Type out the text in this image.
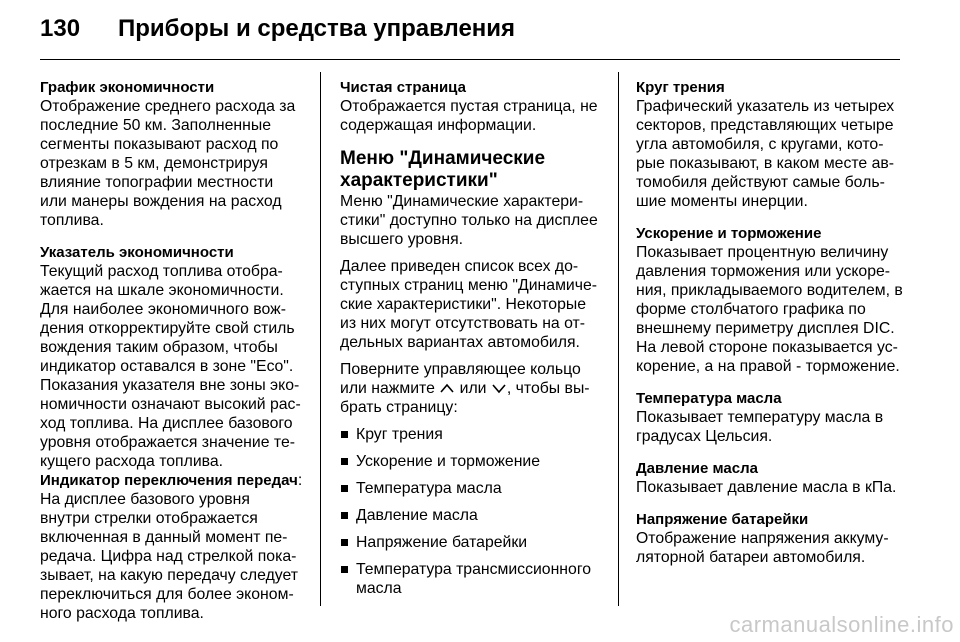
130 Приборы и средства управления
График экономичности
Отображение среднего расхода за последние 50 км. Заполненные сегменты показывают расход по отрезкам в 5 км, демонстрируя влияние топографии местности или манеры вождения на расход топлива.
Указатель экономичности
Текущий расход топлива отображается на шкале экономичности. Для наиболее экономичного вождения откорректируйте свой стиль вождения таким образом, чтобы индикатор оставался в зоне "Eco". Показания указателя вне зоны экономичности означают высокий расход топлива. На дисплее базового уровня отображается значение текущего расхода топлива.
Индикатор переключения передач:
На дисплее базового уровня внутри стрелки отображается включенная в данный момент передача. Цифра над стрелкой показывает, на какую передачу следует переключиться для более экономного расхода топлива.
Чистая страница
Отображается пустая страница, не содержащая информации.
Меню "Динамические характеристики"
Меню "Динамические характеристики" доступно только на дисплее высшего уровня.
Далее приведен список всех доступных страниц меню "Динамические характеристики". Некоторые из них могут отсутствовать на отдельных вариантах автомобиля.
Поверните управляющее кольцо или нажмите или , чтобы выбрать страницу:
Круг трения
Ускорение и торможение
Температура масла
Давление масла
Напряжение батарейки
Температура трансмиссионного масла
Круг трения
Графический указатель из четырех секторов, представляющих четыре угла автомобиля, с кругами, которые показывают, в каком месте автомобиля действуют самые большие моменты инерции.
Ускорение и торможение
Показывает процентную величину давления торможения или ускорения, прикладываемого водителем, в форме столбчатого графика по внешнему периметру дисплея DIC. На левой стороне показывается ускорение, а на правой - торможение.
Температура масла
Показывает температуру масла в градусах Цельсия.
Давление масла
Показывает давление масла в кПа.
Напряжение батарейки
Отображение напряжения аккумуляторной батареи автомобиля.
carmanualsonline.info
